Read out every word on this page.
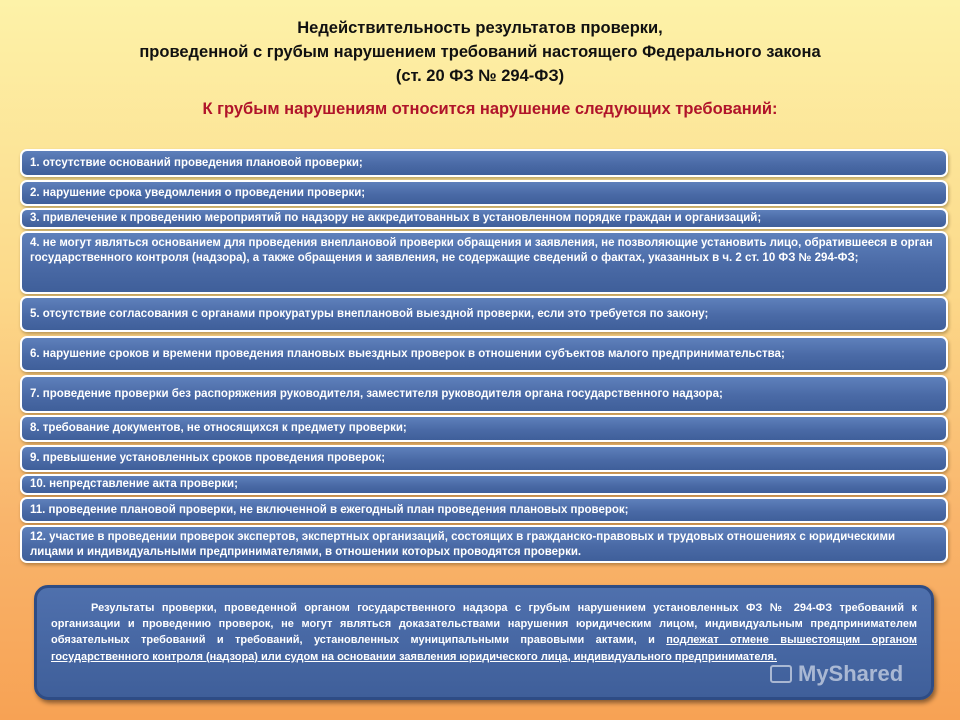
Недействительность результатов проверки,
проведенной с грубым нарушением требований настоящего Федерального закона
(ст. 20 ФЗ № 294-ФЗ)
К грубым нарушениям относится нарушение следующих требований:
1. отсутствие оснований проведения плановой проверки;
2. нарушение срока уведомления о проведении проверки;
3. привлечение к проведению мероприятий по надзору не аккредитованных в установленном порядке граждан и организаций;
4. не могут являться основанием для проведения внеплановой проверки обращения и заявления, не позволяющие установить лицо, обратившееся в орган государственного контроля (надзора), а также обращения и заявления, не содержащие сведений о фактах, указанных в ч. 2 ст. 10 ФЗ № 294-ФЗ;
5. отсутствие согласования с органами прокуратуры внеплановой выездной проверки, если это требуется по закону;
6. нарушение сроков и времени проведения плановых выездных проверок в отношении субъектов малого предпринимательства;
7. проведение проверки без распоряжения руководителя, заместителя руководителя органа государственного надзора;
8. требование документов, не относящихся к предмету проверки;
9. превышение установленных сроков проведения проверок;
10. непредставление акта проверки;
11. проведение плановой проверки, не включенной в ежегодный план проведения плановых проверок;
12. участие в проведении проверок экспертов, экспертных организаций, состоящих в гражданско-правовых и трудовых отношениях с юридическими лицами и индивидуальными предпринимателями, в отношении которых проводятся проверки.
Результаты проверки, проведенной органом государственного надзора с грубым нарушением установленных ФЗ № 294-ФЗ требований к организации и проведению проверок, не могут являться доказательствами нарушения юридическим лицом, индивидуальным предпринимателем обязательных требований и требований, установленных муниципальными правовыми актами, и подлежат отмене вышестоящим органом государственного контроля (надзора) или судом на основании заявления юридического лица, индивидуального предпринимателя.
MyShared
